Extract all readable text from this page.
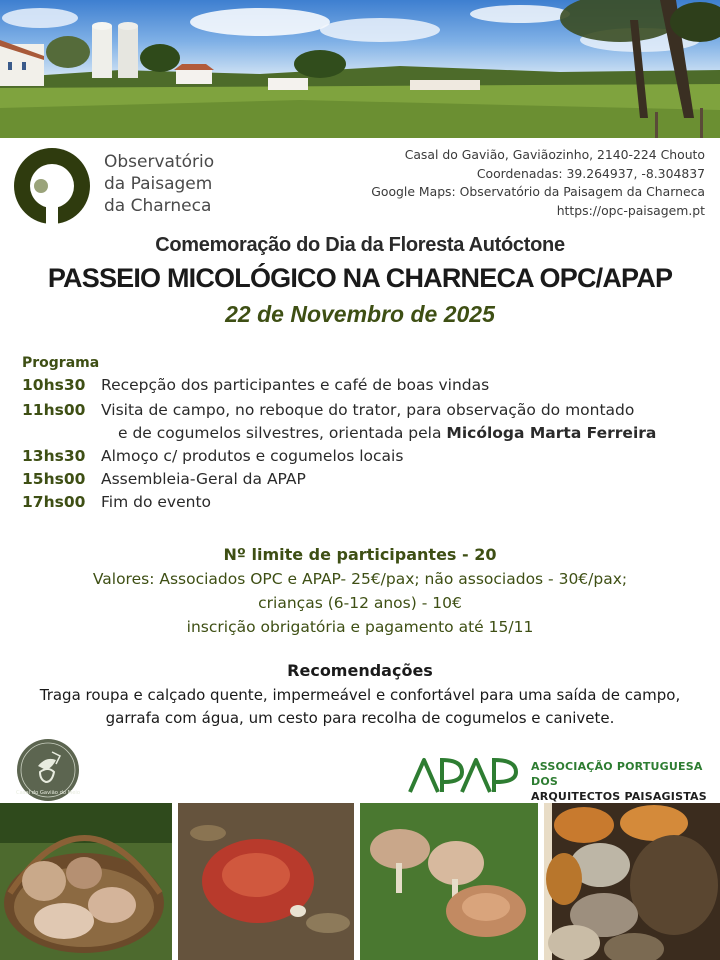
Observatório
da Paisagem
da Charneca
Casal do Gavião, Gaviãozinho, 2140-224 Chouto
Coordenadas: 39.264937, -8.304837
Google Maps: Observatório da Paisagem da Charneca
https://opc-paisagem.pt
Comemoração do Dia da Floresta Autóctone
PASSEIO MICOLÓGICO NA CHARNECA OPC/APAP
22 de Novembro de 2025
Programa
10hs30 Recepção dos participantes e café de boas vindas
11hs00 Visita de campo, no reboque do trator, para observação do montado
e de cogumelos silvestres, orientada pela Micóloga Marta Ferreira
13hs30 Almoço c/ produtos e cogumelos locais
15hs00 Assembleia-Geral da APAP
17hs00 Fim do evento
Nº limite de participantes - 20
Valores: Associados OPC e APAP- 25€/pax; não associados - 30€/pax;
crianças (6-12 anos) - 10€
inscrição obrigatória e pagamento até 15/11
Recomendações
Traga roupa e calçado quente, impermeável e confortável para uma saída de campo,
garrafa com água, um cesto para recolha de cogumelos e canivete.
Casal do Gavião do Meio
ASSOCIAÇÃO PORTUGUESA DOS
ARQUITECTOS PAISAGISTAS
